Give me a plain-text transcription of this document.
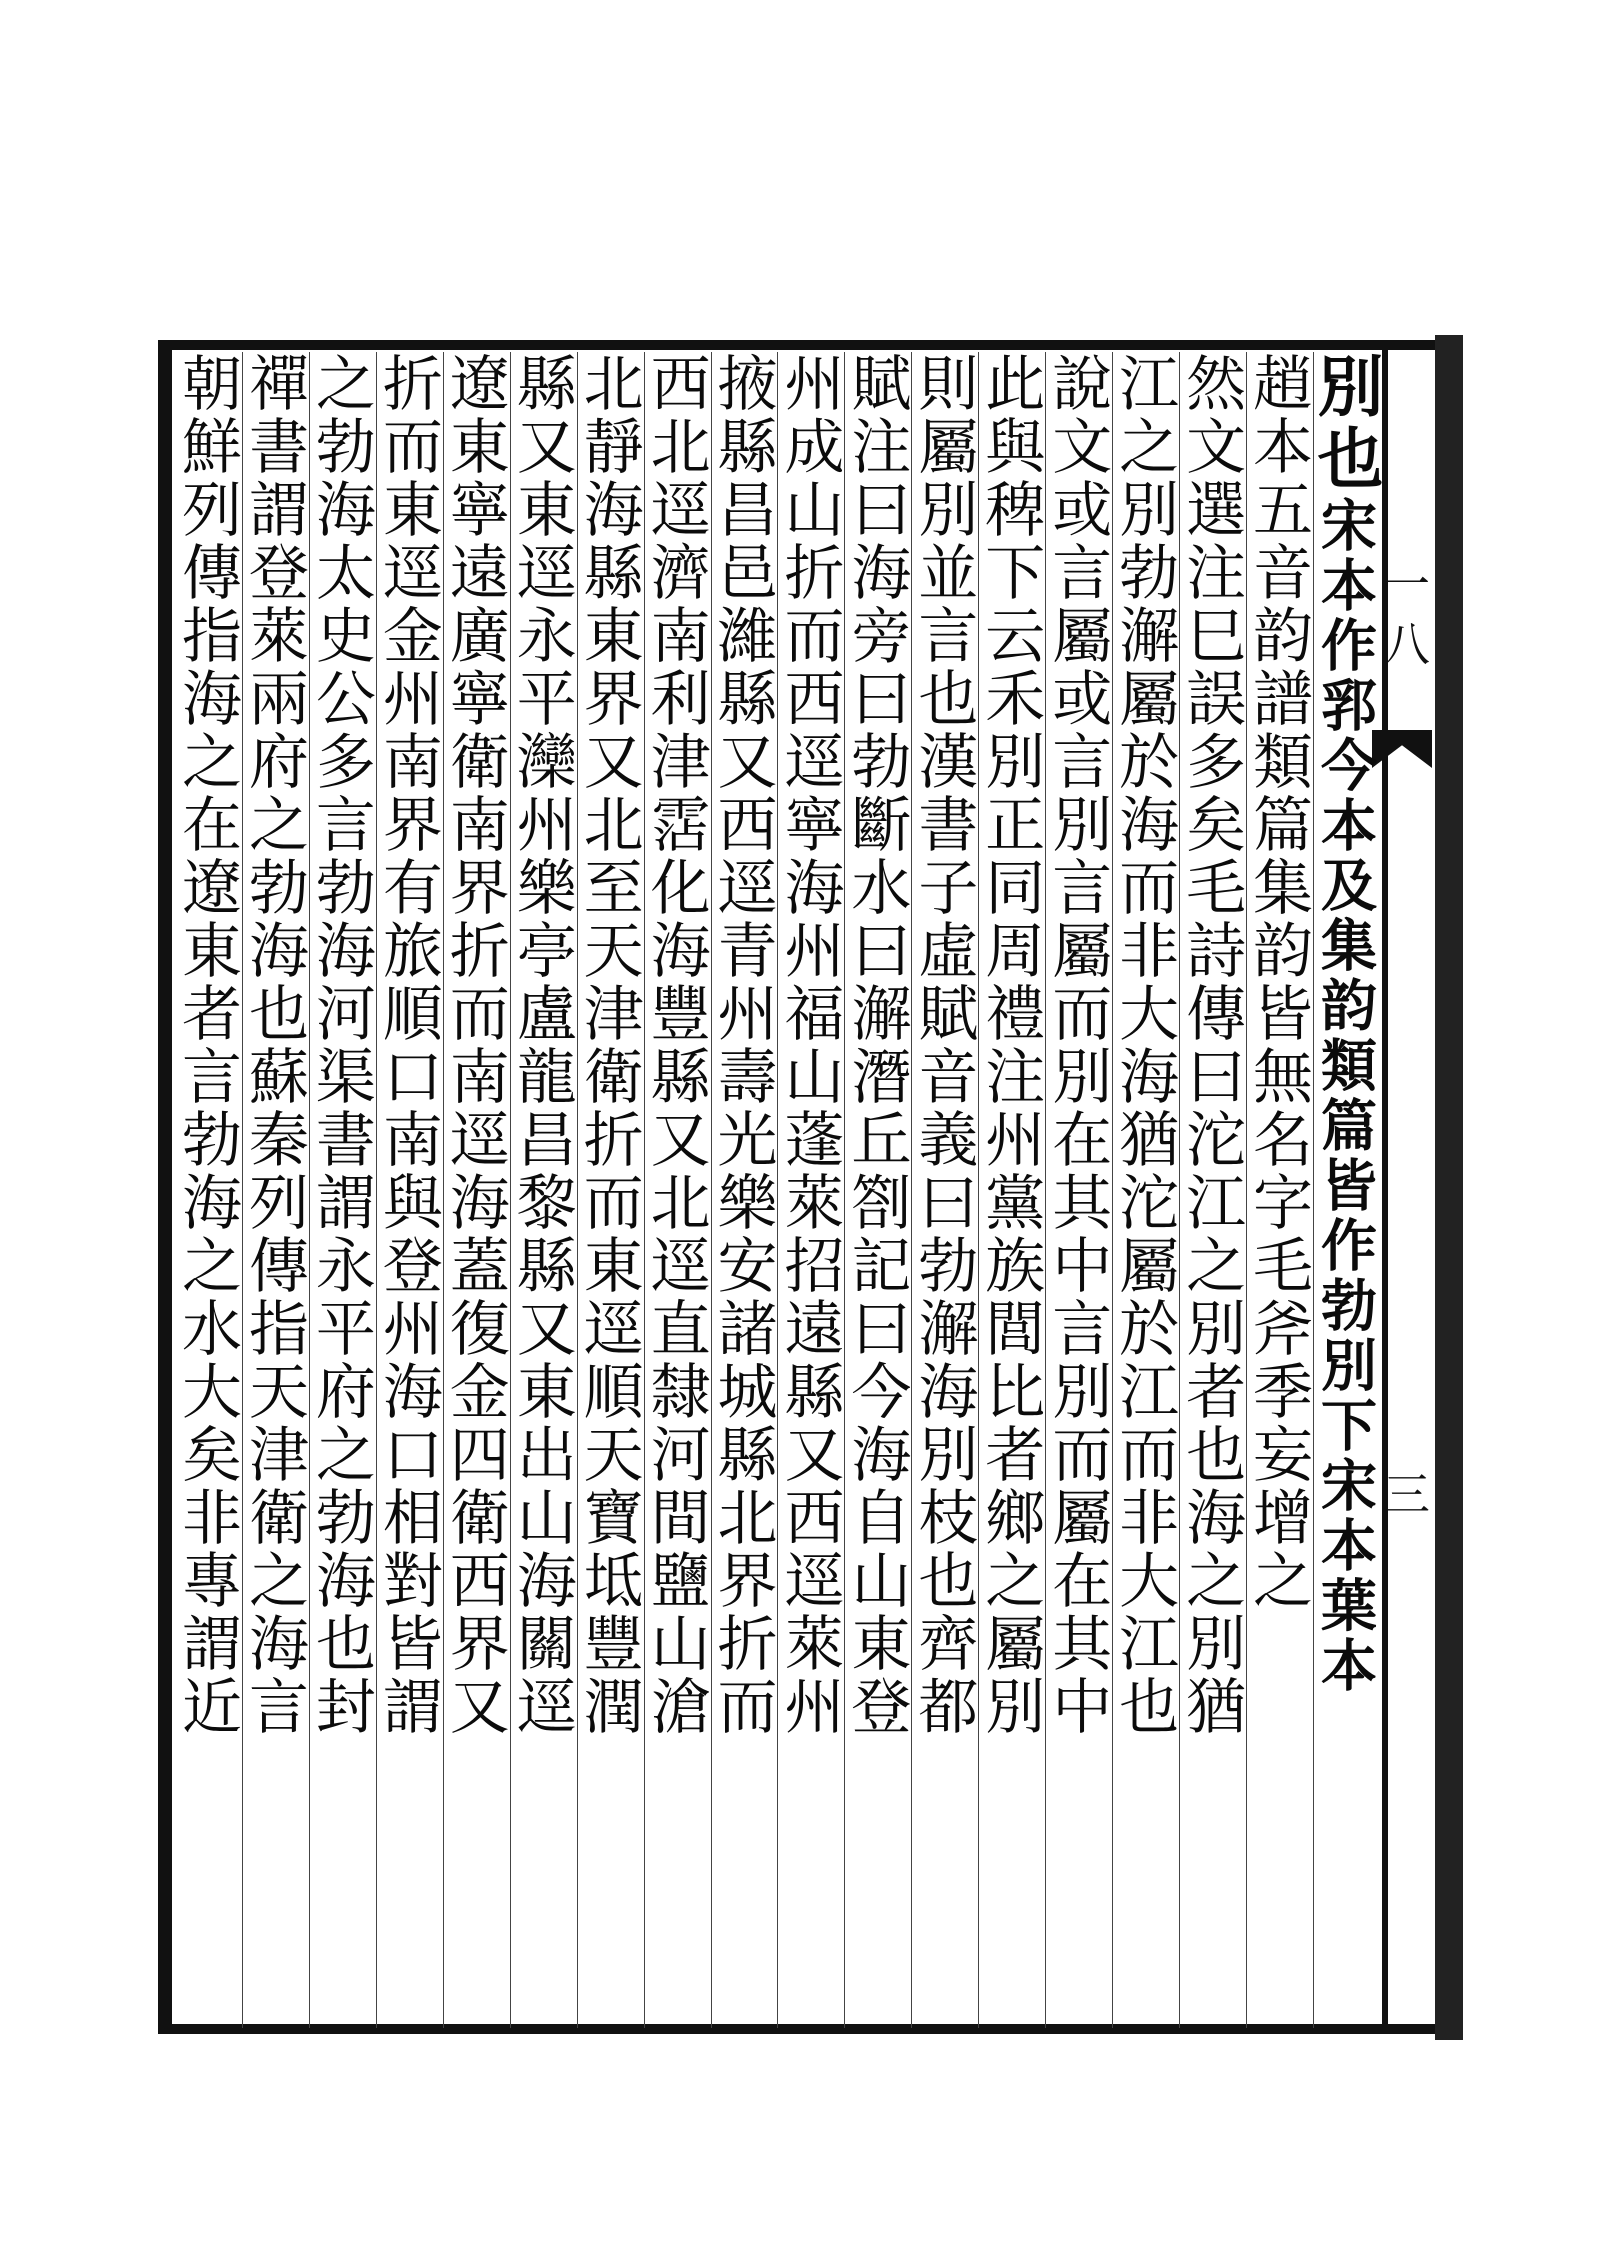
一
八
三
別也宋本作郛今本及集韵類篇皆作勃別下宋本葉本
趙本五音韵譜類篇集韵皆無名字毛斧季妄增之
然文選注巳誤多矣毛詩傳曰沱江之別者也海之別猶
江之別勃澥屬於海而非大海猶沱屬於江而非大江也
說文或言屬或言別言屬而別在其中言別而屬在其中
此與稗下云禾別正同周禮注州黨族閭比者鄉之屬別
則屬別並言也漢書子虛賦音義曰勃澥海別枝也齊都
賦注曰海旁曰勃斷水曰澥潛丘劄記曰今海自山東登
州成山折而西逕寧海州福山蓬萊招遠縣又西逕萊州
掖縣昌邑濰縣又西逕青州壽光樂安諸城縣北界折而
西北逕濟南利津霑化海豐縣又北逕直隸河間鹽山滄
北靜海縣東界又北至天津衛折而東逕順天寶坻豐潤
縣又東逕永平灤州樂亭盧龍昌黎縣又東出山海關逕
遼東寧遠廣寧衛南界折而南逕海蓋復金四衛西界又
折而東逕金州南界有旅順口南與登州海口相對皆謂
之勃海太史公多言勃海河渠書謂永平府之勃海也封
禪書謂登萊兩府之勃海也蘇秦列傳指天津衛之海言
朝鮮列傳指海之在遼東者言勃海之水大矣非專謂近
